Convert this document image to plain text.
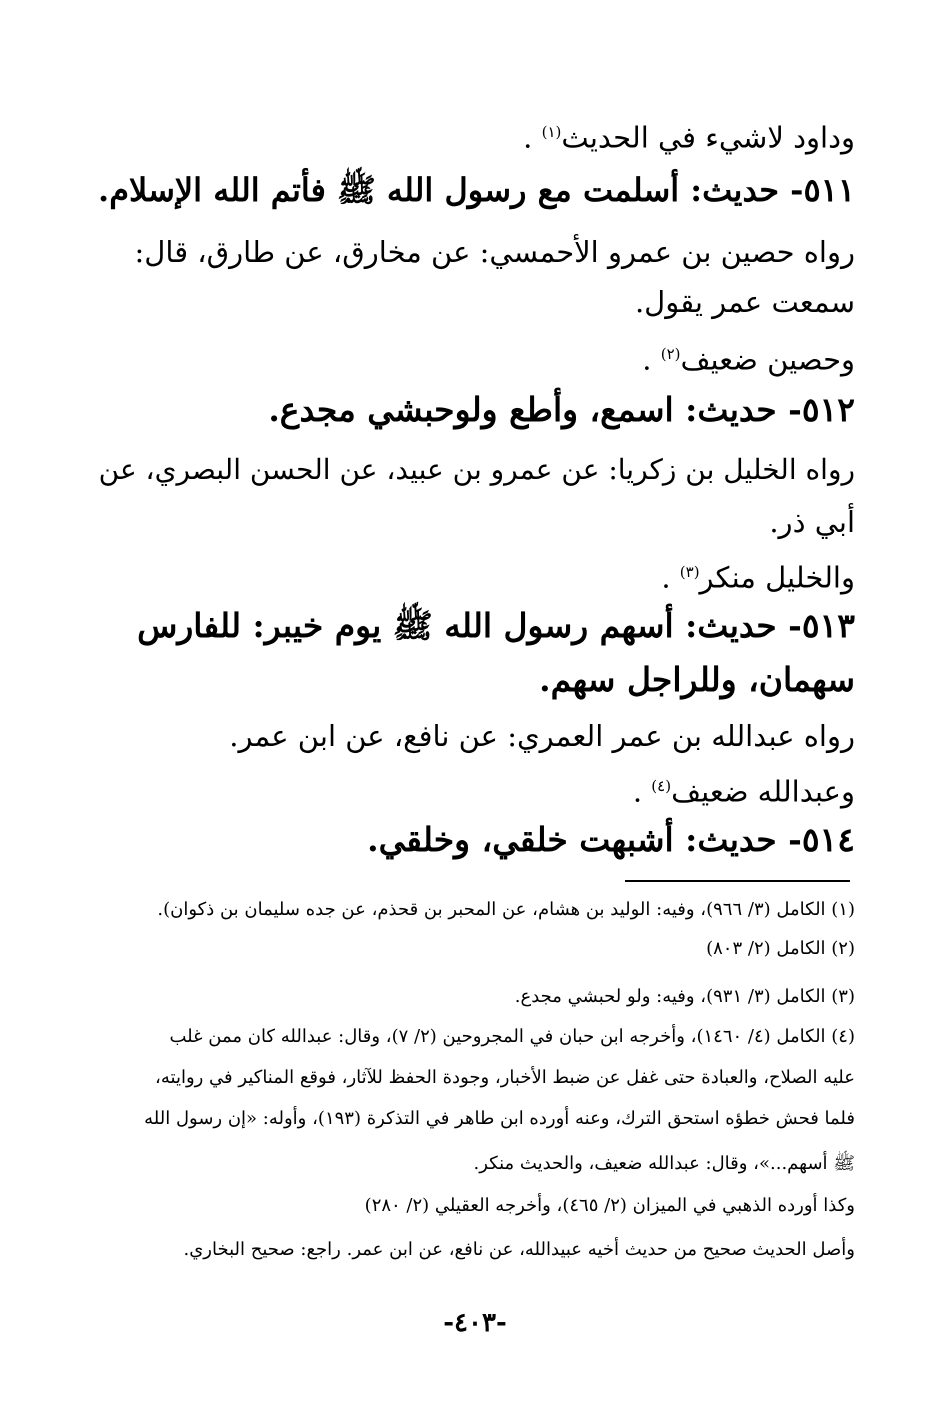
وداود لاشيء في الحديث$^{(١)}$ .
٥١١- حديث: أسلمت مع رسول الله ﷺ فأتم الله الإسلام.
رواه حصين بن عمرو الأحمسي: عن مخارق، عن طارق، قال:
سمعت عمر يقول.
وحصين ضعيف$^{(٢)}$ .
٥١٢- حديث: اسمع، وأطع ولوحبشي مجدع.
رواه الخليل بن زكريا: عن عمرو بن عبيد، عن الحسن البصري، عن
أبي ذر.
والخليل منكر$^{(٣)}$ .
٥١٣- حديث: أسهم رسول الله ﷺ يوم خيبر: للفارس
سهمان، وللراجل سهم.
رواه عبدالله بن عمر العمري: عن نافع، عن ابن عمر.
وعبدالله ضعيف$^{(٤)}$ .
٥١٤- حديث: أشبهت خلقي، وخلقي.
(١) الكامل (٣/ ٩٦٦)، وفيه: الوليد بن هشام، عن المحبر بن قحذم، عن جده سليمان بن ذكوان).
(٢) الكامل (٢/ ٨٠٣)
(٣) الكامل (٣/ ٩٣١)، وفيه: ولو لحبشي مجدع.
(٤) الكامل (٤/ ١٤٦٠)، وأخرجه ابن حبان في المجروحين (٢/ ٧)، وقال: عبدالله كان ممن غلب
عليه الصلاح، والعبادة حتى غفل عن ضبط الأخبار، وجودة الحفظ للآثار، فوقع المناكير في روايته،
فلما فحش خطؤه استحق الترك، وعنه أورده ابن طاهر في التذكرة (١٩٣)، وأوله: «إن رسول الله
ﷺ أسهم...»، وقال: عبدالله ضعيف، والحديث منكر.
وكذا أورده الذهبي في الميزان (٢/ ٤٦٥)، وأخرجه العقيلي (٢/ ٢٨٠)
وأصل الحديث صحيح من حديث أخيه عبيدالله، عن نافع، عن ابن عمر. راجع: صحيح البخاري.
-٤٠٣-
